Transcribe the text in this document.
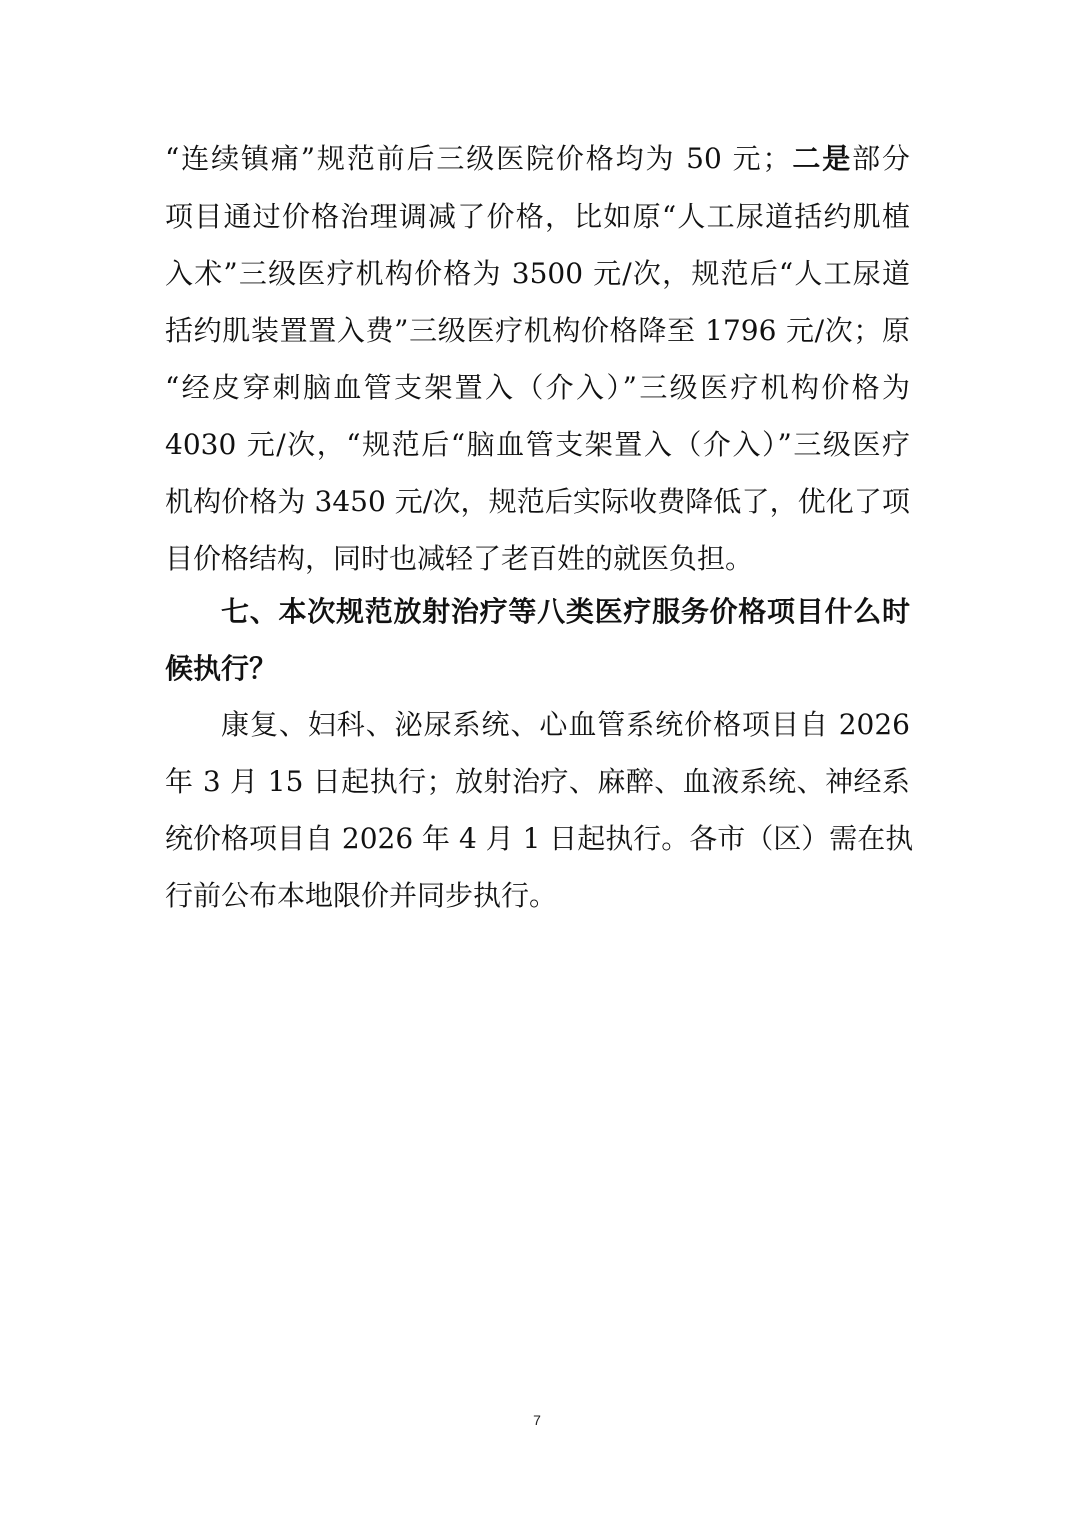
“连续镇痛”规范前后三级医院价格均为 50 元；二是部分
项目通过价格治理调减了价格，比如原“人工尿道括约肌植
入术”三级医疗机构价格为 3500 元/次，规范后“人工尿道
括约肌装置置入费”三级医疗机构价格降至 1796 元/次；原
“经皮穿刺脑血管支架置入（介入）”三级医疗机构价格为
4030 元/次，“规范后“脑血管支架置入（介入）”三级医疗
机构价格为 3450 元/次，规范后实际收费降低了，优化了项
目价格结构，同时也减轻了老百姓的就医负担。
七、本次规范放射治疗等八类医疗服务价格项目什么时
候执行？
康复、妇科、泌尿系统、心血管系统价格项目自 2026
年 3 月 15 日起执行；放射治疗、麻醉、血液系统、神经系
统价格项目自 2026 年 4 月 1 日起执行。各市（区）需在执
行前公布本地限价并同步执行。
7
